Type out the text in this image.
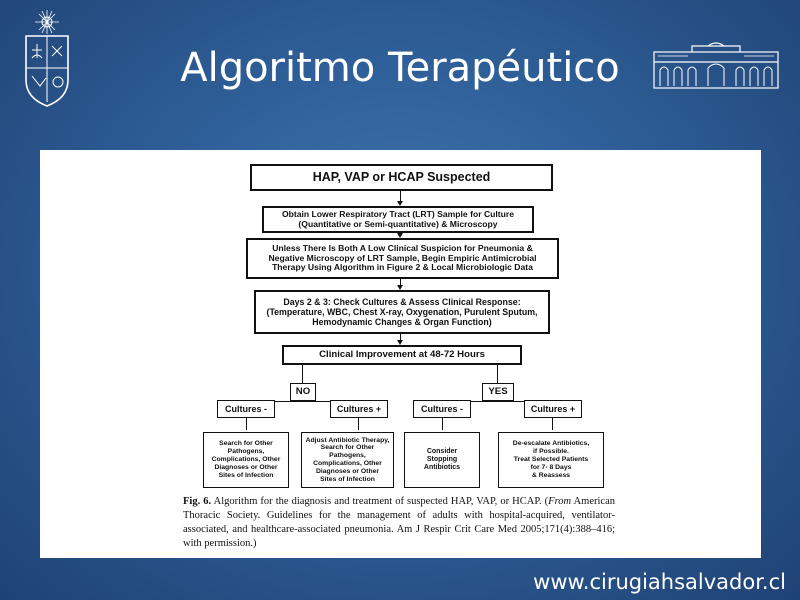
Algoritmo Terapéutico
HAP, VAP or HCAP Suspected
Obtain Lower Respiratory Tract (LRT) Sample for Culture
(Quantitative or Semi-quantitative) & Microscopy
Unless There Is Both A Low Clinical Suspicion for Pneumonia &
Negative Microscopy of LRT Sample, Begin Empiric Antimicrobial
Therapy Using Algorithm in Figure 2 & Local Microbiologic Data
Days 2 & 3: Check Cultures & Assess Clinical Response:
(Temperature, WBC, Chest X-ray, Oxygenation, Purulent Sputum,
Hemodynamic Changes & Organ Function)
Clinical Improvement at 48-72 Hours
NO	YES
Cultures -	Cultures +	Cultures -	Cultures +
Search for Other
Pathogens,
Complications, Other
Diagnoses or Other
Sites of Infection
Adjust Antibiotic Therapy,
Search for Other
Pathogens,
Complications, Other
Diagnoses or Other
Sites of Infection
Consider
Stopping
Antibiotics
De-escalate Antibiotics,
if Possible.
Treat Selected Patients
for 7- 8 Days
& Reassess
Fig. 6. Algorithm for the diagnosis and treatment of suspected HAP, VAP, or HCAP. (From American Thoracic Society. Guidelines for the management of adults with hospital-acquired, ventilator-associated, and healthcare-associated pneumonia. Am J Respir Crit Care Med 2005;171(4):388–416; with permission.)
www.cirugiahsalvador.cl
